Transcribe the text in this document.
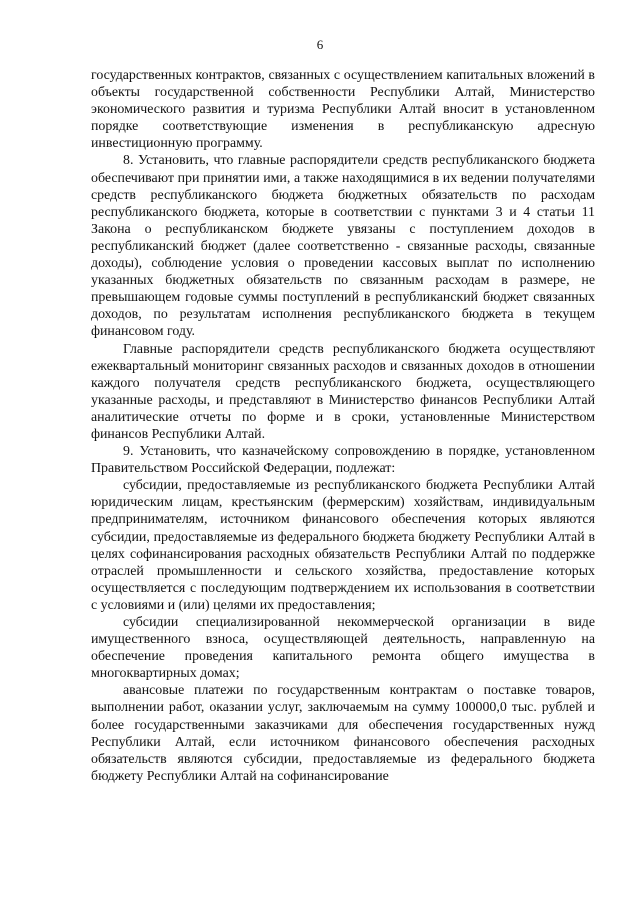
6

государственных контрактов, связанных с осуществлением капитальных вложений в объекты государственной собственности Республики Алтай, Министерство экономического развития и туризма Республики Алтай вносит в установленном порядке соответствующие изменения в республиканскую адресную инвестиционную программу.

8. Установить, что главные распорядители средств республиканского бюджета обеспечивают при принятии ими, а также находящимися в их ведении получателями средств республиканского бюджета бюджетных обязательств по расходам республиканского бюджета, которые в соответствии с пунктами 3 и 4 статьи 11 Закона о республиканском бюджете увязаны с поступлением доходов в республиканский бюджет (далее соответственно - связанные расходы, связанные доходы), соблюдение условия о проведении кассовых выплат по исполнению указанных бюджетных обязательств по связанным расходам в размере, не превышающем годовые суммы поступлений в республиканский бюджет связанных доходов, по результатам исполнения республиканского бюджета в текущем финансовом году.

Главные распорядители средств республиканского бюджета осуществляют ежеквартальный мониторинг связанных расходов и связанных доходов в отношении каждого получателя средств республиканского бюджета, осуществляющего указанные расходы, и представляют в Министерство финансов Республики Алтай аналитические отчеты по форме и в сроки, установленные Министерством финансов Республики Алтай.

9. Установить, что казначейскому сопровождению в порядке, установленном Правительством Российской Федерации, подлежат:

субсидии, предоставляемые из республиканского бюджета Республики Алтай юридическим лицам, крестьянским (фермерским) хозяйствам, индивидуальным предпринимателям, источником финансового обеспечения которых являются субсидии, предоставляемые из федерального бюджета бюджету Республики Алтай в целях софинансирования расходных обязательств Республики Алтай по поддержке отраслей промышленности и сельского хозяйства, предоставление которых осуществляется с последующим подтверждением их использования в соответствии с условиями и (или) целями их предоставления;

субсидии специализированной некоммерческой организации в виде имущественного взноса, осуществляющей деятельность, направленную на обеспечение проведения капитального ремонта общего имущества в многоквартирных домах;

авансовые платежи по государственным контрактам о поставке товаров, выполнении работ, оказании услуг, заключаемым на сумму 100000,0 тыс. рублей и более государственными заказчиками для обеспечения государственных нужд Республики Алтай, если источником финансового обеспечения расходных обязательств являются субсидии, предоставляемые из федерального бюджета бюджету Республики Алтай на софинансирование
